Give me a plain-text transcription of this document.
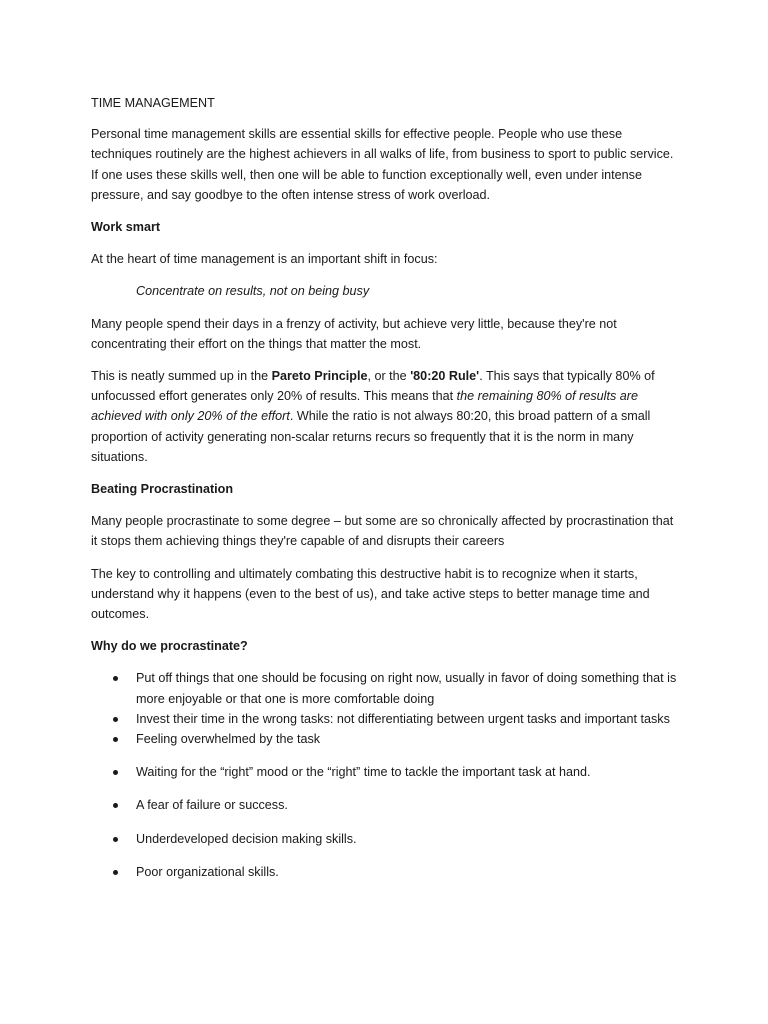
TIME MANAGEMENT

Personal time management skills are essential skills for effective people. People who use these techniques routinely are the highest achievers in all walks of life, from business to sport to public service. If one uses these skills well, then one will be able to function exceptionally well, even under intense pressure, and say goodbye to the often intense stress of work overload.

Work smart

At the heart of time management is an important shift in focus:

Concentrate on results, not on being busy

Many people spend their days in a frenzy of activity, but achieve very little, because they're not concentrating their effort on the things that matter the most.

This is neatly summed up in the Pareto Principle, or the '80:20 Rule'. This says that typically 80% of unfocussed effort generates only 20% of results. This means that the remaining 80% of results are achieved with only 20% of the effort. While the ratio is not always 80:20, this broad pattern of a small proportion of activity generating non-scalar returns recurs so frequently that it is the norm in many situations.

Beating Procrastination

Many people procrastinate to some degree – but some are so chronically affected by procrastination that it stops them achieving things they're capable of and disrupts their careers

The key to controlling and ultimately combating this destructive habit is to recognize when it starts, understand why it happens (even to the best of us), and take active steps to better manage time and outcomes.

Why do we procrastinate?

Put off things that one should be focusing on right now, usually in favor of doing something that is more enjoyable or that one is more comfortable doing
Invest their time in the wrong tasks: not differentiating between urgent tasks and important tasks
Feeling overwhelmed by the task
Waiting for the “right” mood or the “right” time to tackle the important task at hand.
A fear of failure or success.
Underdeveloped decision making skills.
Poor organizational skills.
